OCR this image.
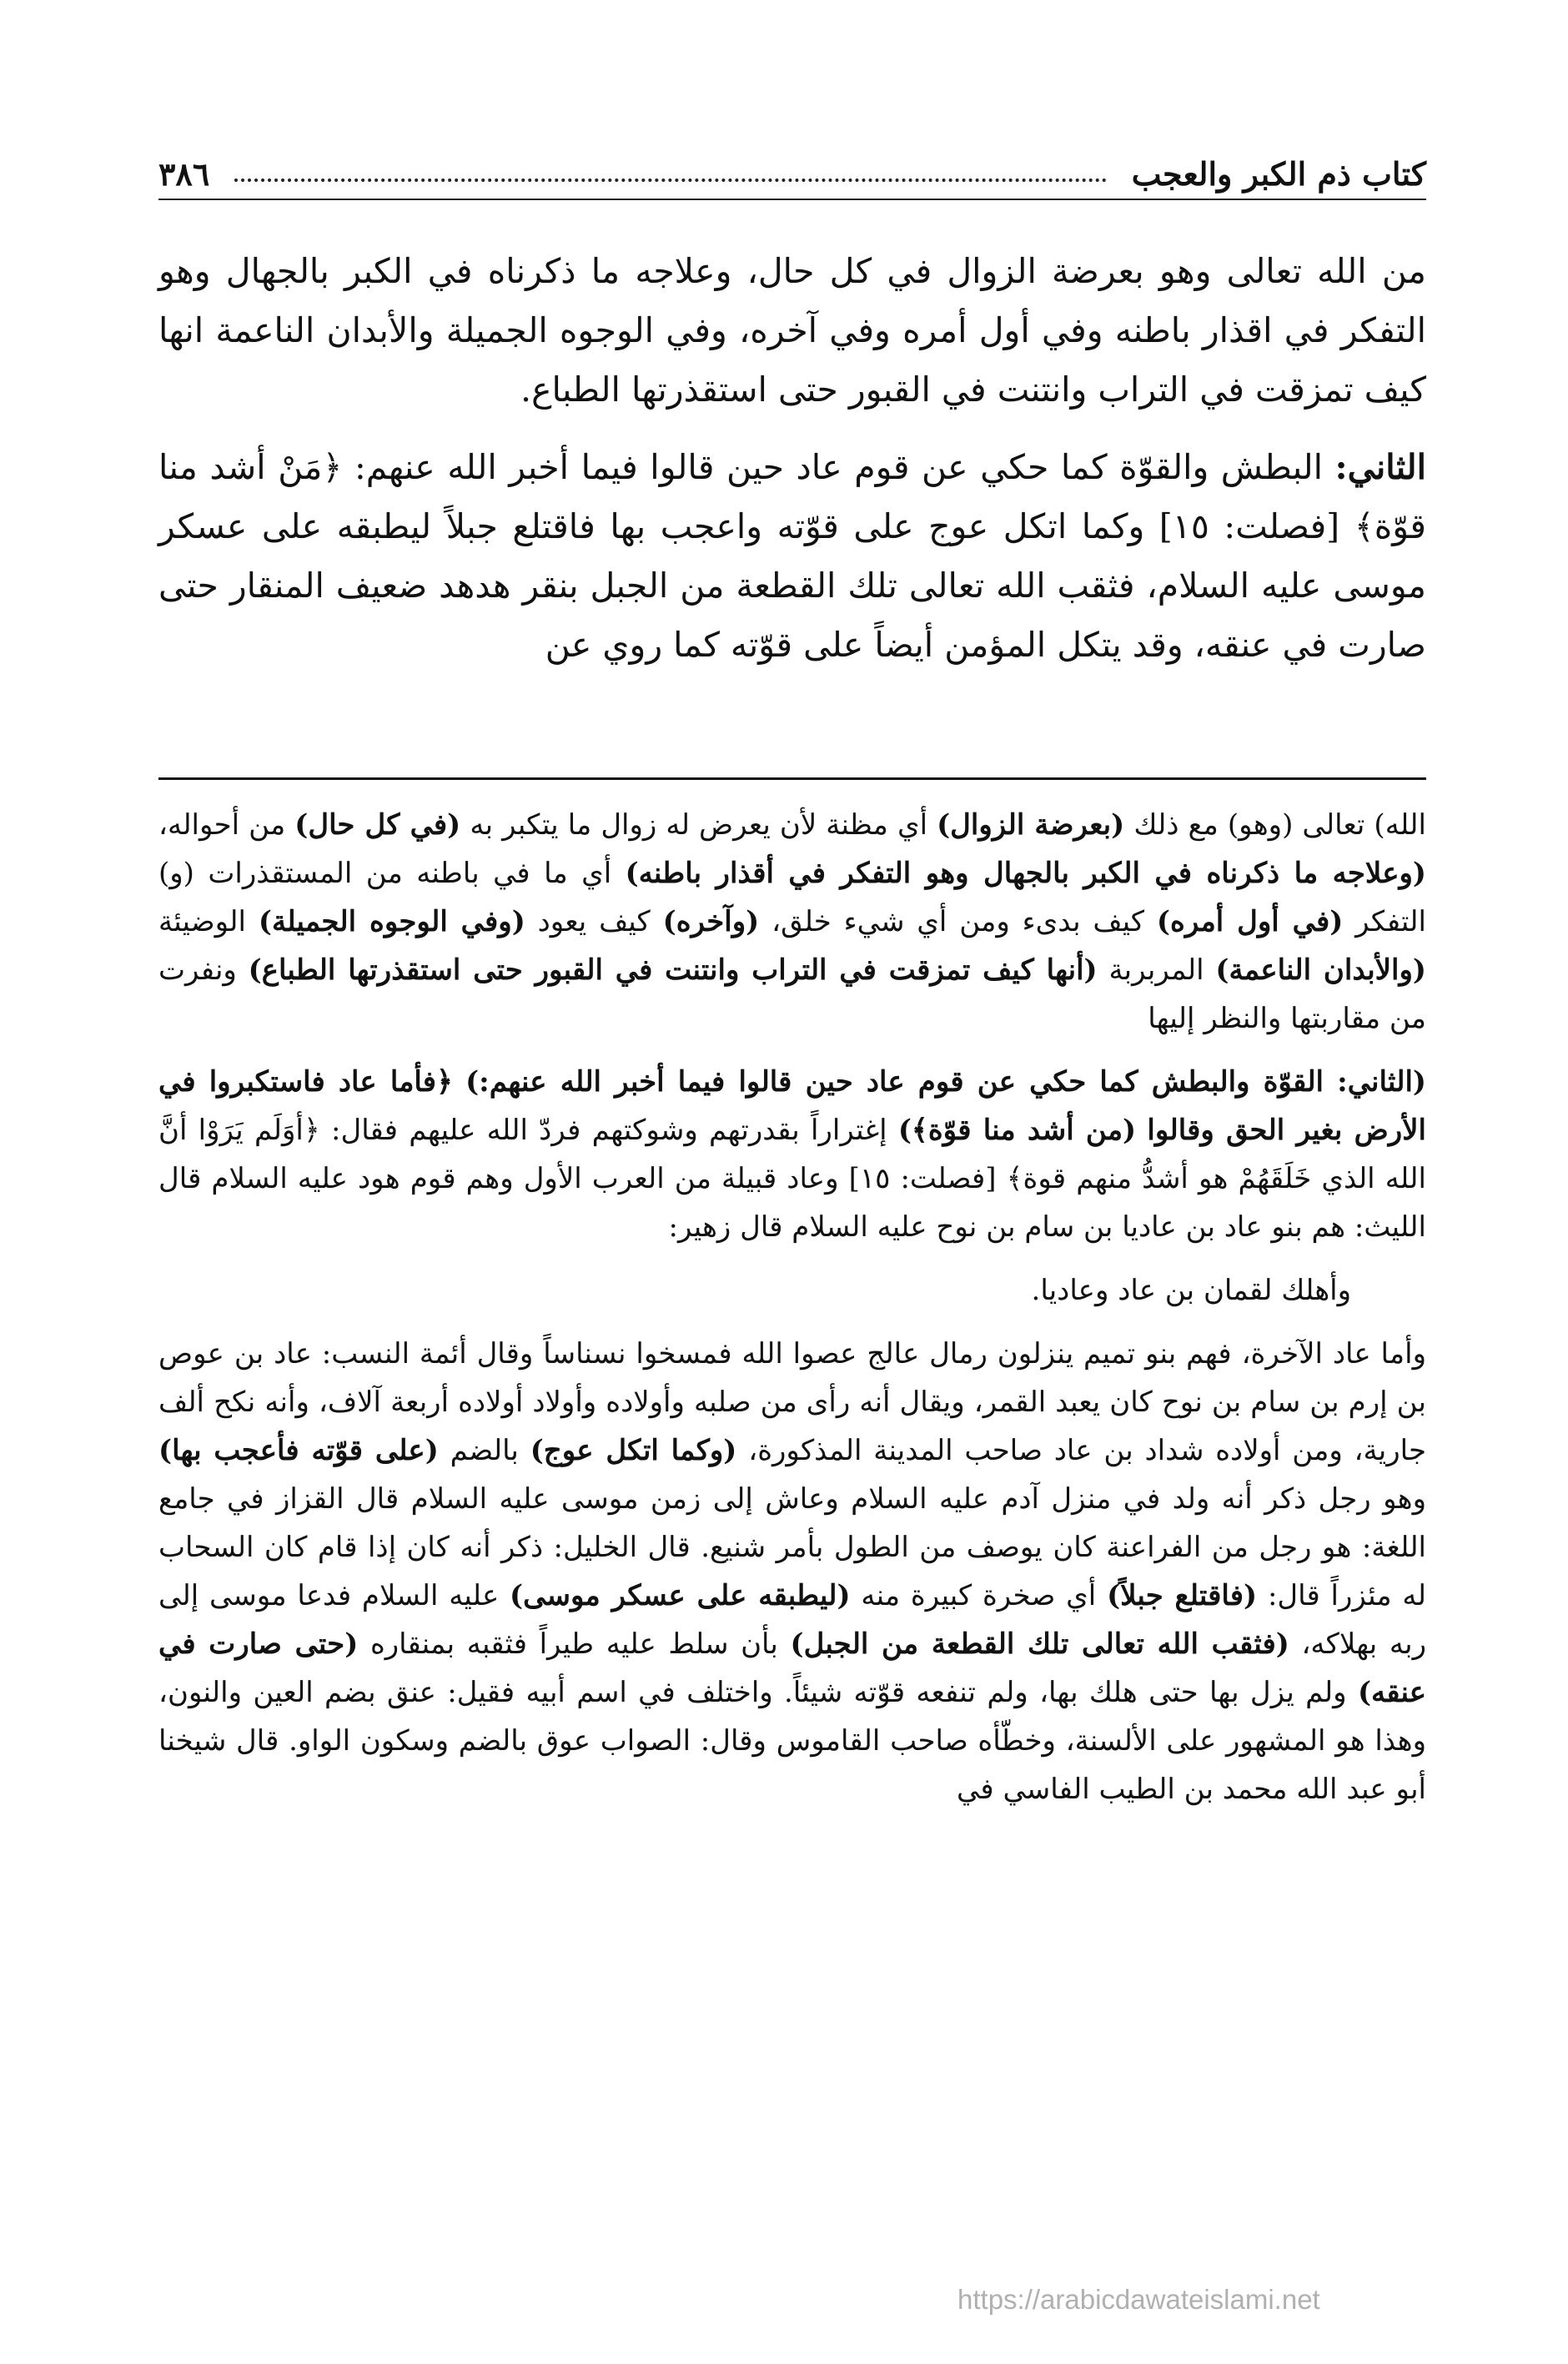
كتاب ذم الكبر والعجب
٣٨٦

من الله تعالى وهو بعرضة الزوال في كل حال، وعلاجه ما ذكرناه في الكبر بالجهال وهو التفكر في اقذار باطنه وفي أول أمره وفي آخره، وفي الوجوه الجميلة والأبدان الناعمة انها كيف تمزقت في التراب وانتنت في القبور حتى استقذرتها الطباع.

الثاني: البطش والقوّة كما حكي عن قوم عاد حين قالوا فيما أخبر الله عنهم: ﴿مَنْ أشد منا قوّة﴾ [فصلت: ١٥] وكما اتكل عوج على قوّته واعجب بها فاقتلع جبلاً ليطبقه على عسكر موسى عليه السلام، فثقب الله تعالى تلك القطعة من الجبل بنقر هدهد ضعيف المنقار حتى صارت في عنقه، وقد يتكل المؤمن أيضاً على قوّته كما روي عن

الله) تعالى (وهو) مع ذلك (بعرضة الزوال) أي مظنة لأن يعرض له زوال ما يتكبر به (في كل حال) من أحواله، (وعلاجه ما ذكرناه في الكبر بالجهال وهو التفكر في أقذار باطنه) أي ما في باطنه من المستقذرات (و) التفكر (في أول أمره) كيف بدىء ومن أي شيء خلق، (وآخره) كيف يعود (وفي الوجوه الجميلة) الوضيئة (والأبدان الناعمة) المربربة (أنها كيف تمزقت في التراب وانتنت في القبور حتى استقذرتها الطباع) ونفرت من مقاربتها والنظر إليها

(الثاني: القوّة والبطش كما حكي عن قوم عاد حين قالوا فيما أخبر الله عنهم:) ﴿فأما عاد فاستكبروا في الأرض بغير الحق وقالوا (من أشد منا قوّة﴾) إغتراراً بقدرتهم وشوكتهم فردّ الله عليهم فقال: ﴿أوَلَم يَرَوْا أنَّ الله الذي خَلَقَهُمْ هو أشدُّ منهم قوة﴾ [فصلت: ١٥] وعاد قبيلة من العرب الأول وهم قوم هود عليه السلام قال الليث: هم بنو عاد بن عاديا بن سام بن نوح عليه السلام قال زهير:

وأهلك لقمان بن عاد وعاديا.

وأما عاد الآخرة، فهم بنو تميم ينزلون رمال عالج عصوا الله فمسخوا نسناساً وقال أئمة النسب: عاد بن عوص بن إرم بن سام بن نوح كان يعبد القمر، ويقال أنه رأى من صلبه وأولاده وأولاد أولاده أربعة آلاف، وأنه نكح ألف جارية، ومن أولاده شداد بن عاد صاحب المدينة المذكورة، (وكما اتكل عوج) بالضم (على قوّته فأعجب بها) وهو رجل ذكر أنه ولد في منزل آدم عليه السلام وعاش إلى زمن موسى عليه السلام قال القزاز في جامع اللغة: هو رجل من الفراعنة كان يوصف من الطول بأمر شنيع. قال الخليل: ذكر أنه كان إذا قام كان السحاب له مئزراً قال: (فاقتلع جبلاً) أي صخرة كبيرة منه (ليطبقه على عسكر موسى) عليه السلام فدعا موسى إلى ربه بهلاكه، (فثقب الله تعالى تلك القطعة من الجبل) بأن سلط عليه طيراً فثقبه بمنقاره (حتى صارت في عنقه) ولم يزل بها حتى هلك بها، ولم تنفعه قوّته شيئاً. واختلف في اسم أبيه فقيل: عنق بضم العين والنون، وهذا هو المشهور على الألسنة، وخطّأه صاحب القاموس وقال: الصواب عوق بالضم وسكون الواو. قال شيخنا أبو عبد الله محمد بن الطيب الفاسي في

https://arabicdawateislami.net
